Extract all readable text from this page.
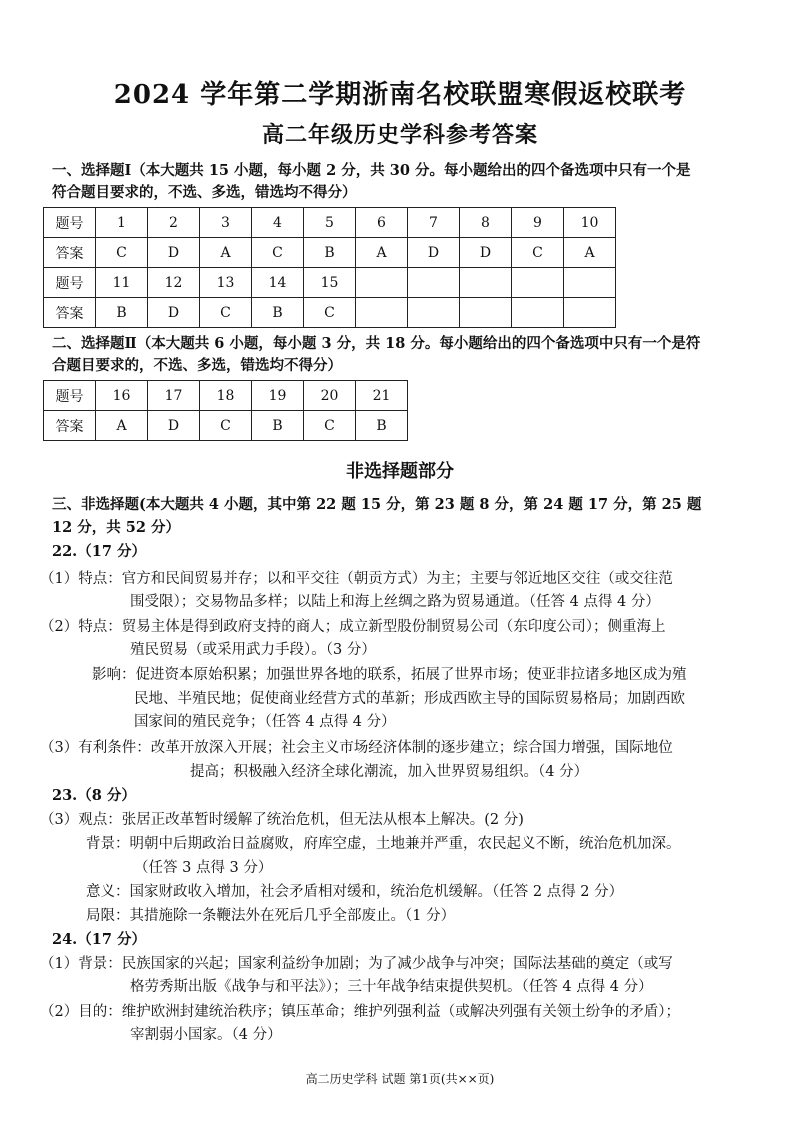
2024 学年第二学期浙南名校联盟寒假返校联考
高二年级历史学科参考答案
一、选择题Ⅰ（本大题共 15 小题，每小题 2 分，共 30 分。每小题给出的四个备选项中只有一个是
符合题目要求的，不选、多选，错选均不得分）
题号	1	2	3	4	5	6	7	8	9	10
答案	C	D	A	C	B	A	D	D	C	A
题号	11	12	13	14	15					
答案	B	D	C	B	C					
二、选择题Ⅱ（本大题共 6 小题，每小题 3 分，共 18 分。每小题给出的四个备选项中只有一个是符
合题目要求的，不选、多选，错选均不得分）
题号	16	17	18	19	20	21
答案	A	D	C	B	C	B
非选择题部分
三、非选择题(本大题共 4 小题，其中第 22 题 15 分，第 23 题 8 分，第 24 题 17 分，第 25 题
12 分，共 52 分）
22.（17 分）
（1）特点：官方和民间贸易并存；以和平交往（朝贡方式）为主；主要与邻近地区交往（或交往范
围受限）；交易物品多样；以陆上和海上丝绸之路为贸易通道。（任答 4 点得 4 分）
（2）特点：贸易主体是得到政府支持的商人；成立新型股份制贸易公司（东印度公司）；侧重海上
殖民贸易（或采用武力手段）。（3 分）
影响：促进资本原始积累；加强世界各地的联系，拓展了世界市场；使亚非拉诸多地区成为殖
民地、半殖民地；促使商业经营方式的革新；形成西欧主导的国际贸易格局；加剧西欧
国家间的殖民竞争；（任答 4 点得 4 分）
（3）有利条件：改革开放深入开展；社会主义市场经济体制的逐步建立；综合国力增强，国际地位
提高；积极融入经济全球化潮流，加入世界贸易组织。（4 分）
23.（8 分）
（3）观点：张居正改革暂时缓解了统治危机，但无法从根本上解决。(2 分)
背景：明朝中后期政治日益腐败，府库空虚，土地兼并严重，农民起义不断，统治危机加深。
（任答 3 点得 3 分）
意义：国家财政收入增加，社会矛盾相对缓和，统治危机缓解。（任答 2 点得 2 分）
局限：其措施除一条鞭法外在死后几乎全部废止。（1 分）
24.（17 分）
（1）背景：民族国家的兴起；国家利益纷争加剧；为了减少战争与冲突；国际法基础的奠定（或写
格劳秀斯出版《战争与和平法》）；三十年战争结束提供契机。（任答 4 点得 4 分）
（2）目的：维护欧洲封建统治秩序；镇压革命；维护列强利益（或解决列强有关领土纷争的矛盾）；
宰割弱小国家。（4 分）
高二历史学科 试题 第1页(共××页)
